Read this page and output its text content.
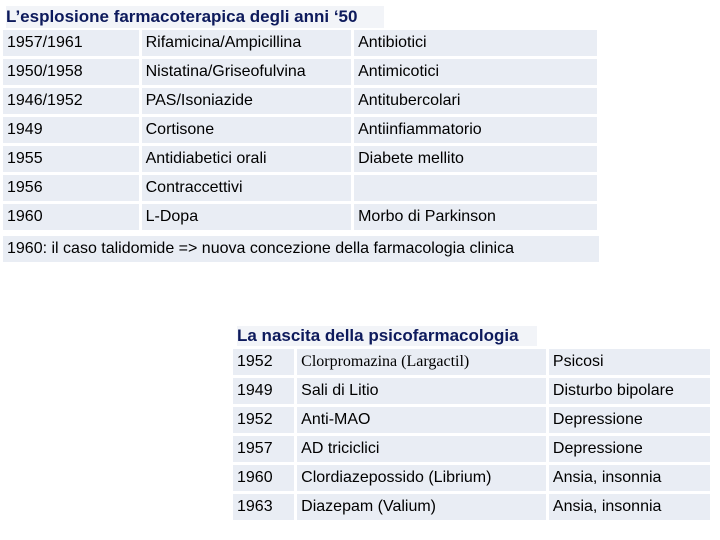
L’esplosione farmacoterapica degli anni ‘50
1957/1961	Rifamicina/Ampicillina	Antibiotici
1950/1958	Nistatina/Griseofulvina	Antimicotici
1946/1952	PAS/Isoniazide	Antitubercolari
1949	Cortisone	Antiinfiammatorio
1955	Antidiabetici orali	Diabete mellito
1956	Contraccettivi	
1960	L-Dopa	Morbo di Parkinson
1960: il caso talidomide => nuova concezione della farmacologia clinica
La nascita della psicofarmacologia
1952	Clorpromazina (Largactil)	Psicosi
1949	Sali di Litio	Disturbo bipolare
1952	Anti-MAO	Depressione
1957	AD triciclici	Depressione
1960	Clordiazepossido (Librium)	Ansia, insonnia
1963	Diazepam (Valium)	Ansia, insonnia
